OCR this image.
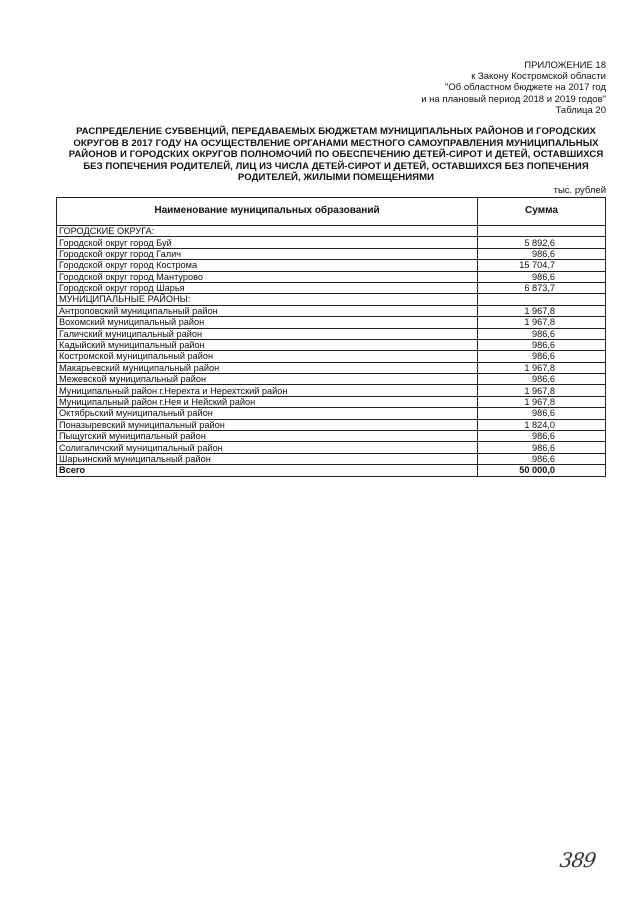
ПРИЛОЖЕНИЕ 18
к Закону Костромской области
"Об областном бюджете на 2017 год
и на плановый период 2018 и 2019 годов"
Таблица 20
РАСПРЕДЕЛЕНИЕ СУБВЕНЦИЙ, ПЕРЕДАВАЕМЫХ БЮДЖЕТАМ МУНИЦИПАЛЬНЫХ РАЙОНОВ И ГОРОДСКИХ
ОКРУГОВ В 2017 ГОДУ НА ОСУЩЕСТВЛЕНИЕ ОРГАНАМИ МЕСТНОГО САМОУПРАВЛЕНИЯ МУНИЦИПАЛЬНЫХ
РАЙОНОВ И ГОРОДСКИХ ОКРУГОВ ПОЛНОМОЧИЙ ПО ОБЕСПЕЧЕНИЮ ДЕТЕЙ-СИРОТ И ДЕТЕЙ, ОСТАВШИХСЯ
БЕЗ ПОПЕЧЕНИЯ РОДИТЕЛЕЙ, ЛИЦ ИЗ ЧИСЛА ДЕТЕЙ-СИРОТ И ДЕТЕЙ, ОСТАВШИХСЯ БЕЗ ПОПЕЧЕНИЯ
РОДИТЕЛЕЙ, ЖИЛЫМИ ПОМЕЩЕНИЯМИ
тыс. рублей
Наименование муниципальных образований	Сумма
ГОРОДСКИЕ ОКРУГА:	
Городской округ город Буй	5 892,6
Городской округ город Галич	986,6
Городской округ город Кострома	15 704,7
Городской округ город Мантурово	986,6
Городской округ город Шарья	6 873,7
МУНИЦИПАЛЬНЫЕ РАЙОНЫ:	
Антроповский муниципальный район	1 967,8
Вохомский муниципальный район	1 967,8
Галичский муниципальный район	986,6
Кадыйский муниципальный район	986,6
Костромской муниципальный район	986,6
Макарьевский муниципальный район	1 967,8
Межевской муниципальный район	986,6
Муниципальный район г.Нерехта и Нерехтский район	1 967,8
Муниципальный район г.Нея и Нейский район	1 967,8
Октябрьский муниципальный район	986,6
Поназыревский муниципальный район	1 824,0
Пыщугский муниципальный район	986,6
Солигаличский муниципальный район	986,6
Шарьинский муниципальный район	986,6
Всего	50 000,0
389
